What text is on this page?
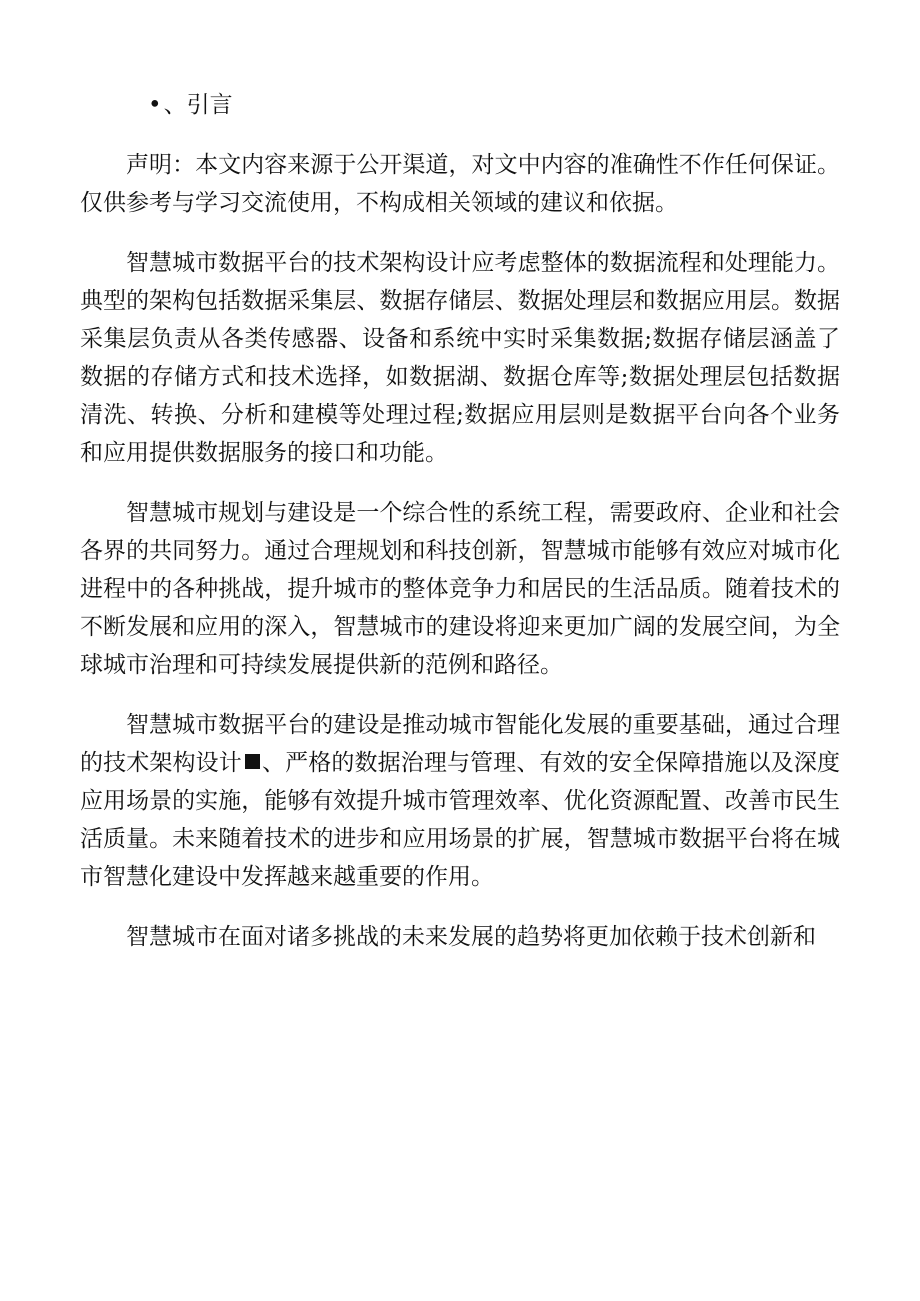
•、引言

声明：本文内容来源于公开渠道，对文中内容的准确性不作任何保证。仅供参考与学习交流使用，不构成相关领域的建议和依据。

智慧城市数据平台的技术架构设计应考虑整体的数据流程和处理能力。典型的架构包括数据采集层、数据存储层、数据处理层和数据应用层。数据采集层负责从各类传感器、设备和系统中实时采集数据;数据存储层涵盖了数据的存储方式和技术选择，如数据湖、数据仓库等;数据处理层包括数据清洗、转换、分析和建模等处理过程;数据应用层则是数据平台向各个业务和应用提供数据服务的接口和功能。

智慧城市规划与建设是一个综合性的系统工程，需要政府、企业和社会各界的共同努力。通过合理规划和科技创新，智慧城市能够有效应对城市化进程中的各种挑战，提升城市的整体竞争力和居民的生活品质。随着技术的不断发展和应用的深入，智慧城市的建设将迎来更加广阔的发展空间，为全球城市治理和可持续发展提供新的范例和路径。

智慧城市数据平台的建设是推动城市智能化发展的重要基础，通过合理的技术架构设计 、严格的数据治理与管理、有效的安全保障措施以及深度应用场景的实施，能够有效提升城市管理效率、优化资源配置、改善市民生活质量。未来随着技术的进步和应用场景的扩展，智慧城市数据平台将在城市智慧化建设中发挥越来越重要的作用。

智慧城市在面对诸多挑战的未来发展的趋势将更加依赖于技术创新和
